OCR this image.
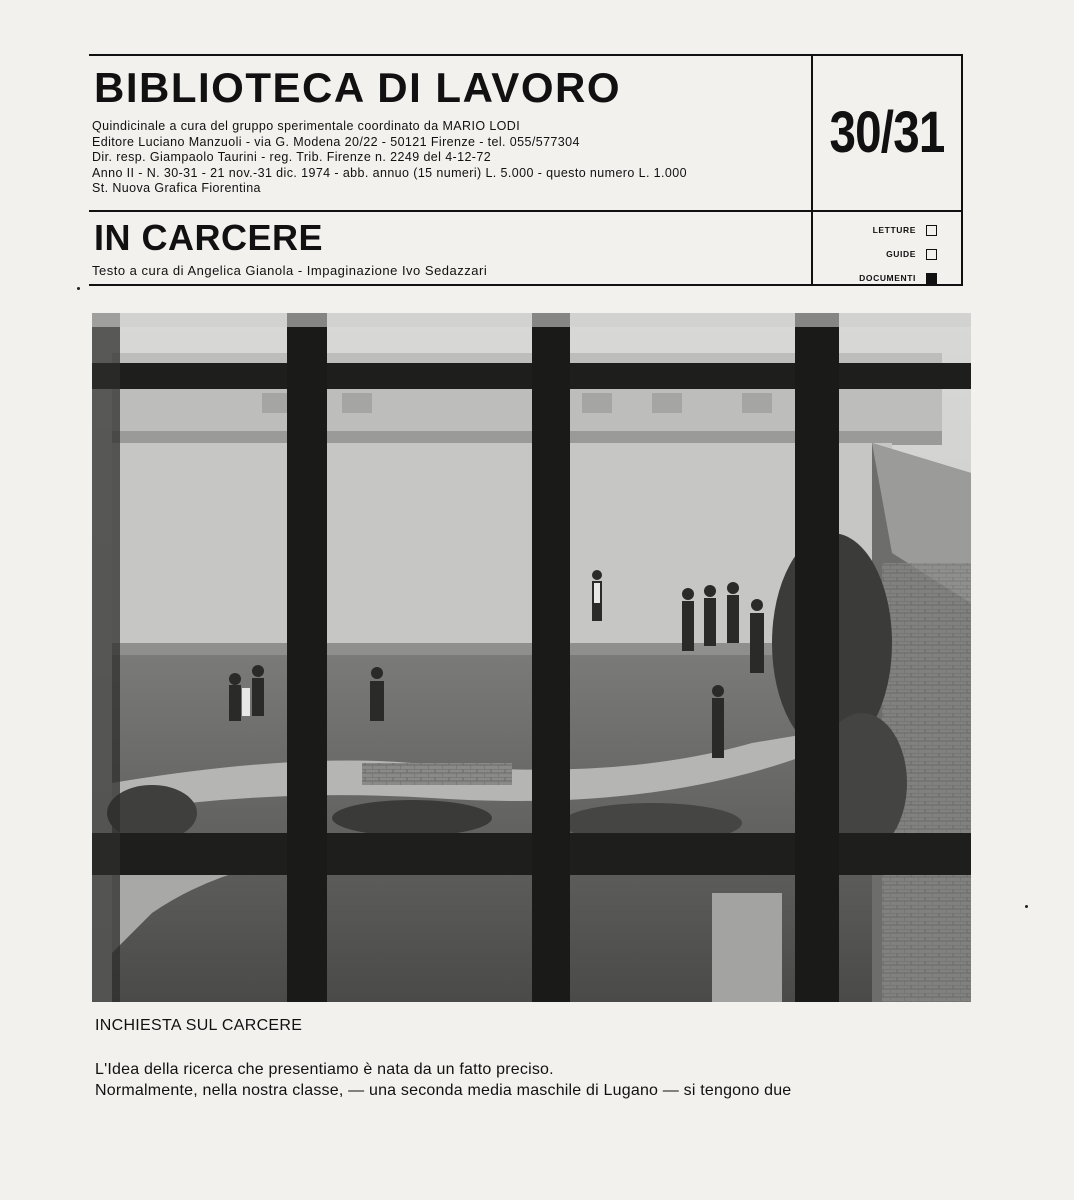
BIBLIOTECA DI LAVORO
Quindicinale a cura del gruppo sperimentale coordinato da MARIO LODI
Editore Luciano Manzuoli - via G. Modena 20/22 - 50121 Firenze - tel. 055/577304
Dir. resp. Giampaolo Taurini - reg. Trib. Firenze n. 2249 del 4-12-72
Anno II - N. 30-31 - 21 nov.-31 dic. 1974 - abb. annuo (15 numeri) L. 5.000 - questo numero L. 1.000
St. Nuova Grafica Fiorentina
30/31
IN CARCERE
Testo a cura di Angelica Gianola - Impaginazione Ivo Sedazzari
LETTURE
GUIDE
DOCUMENTI
INCHIESTA SUL CARCERE
L'Idea della ricerca che presentiamo è nata da un fatto preciso.
Normalmente, nella nostra classe, — una seconda media maschile di Lugano — si tengono due
